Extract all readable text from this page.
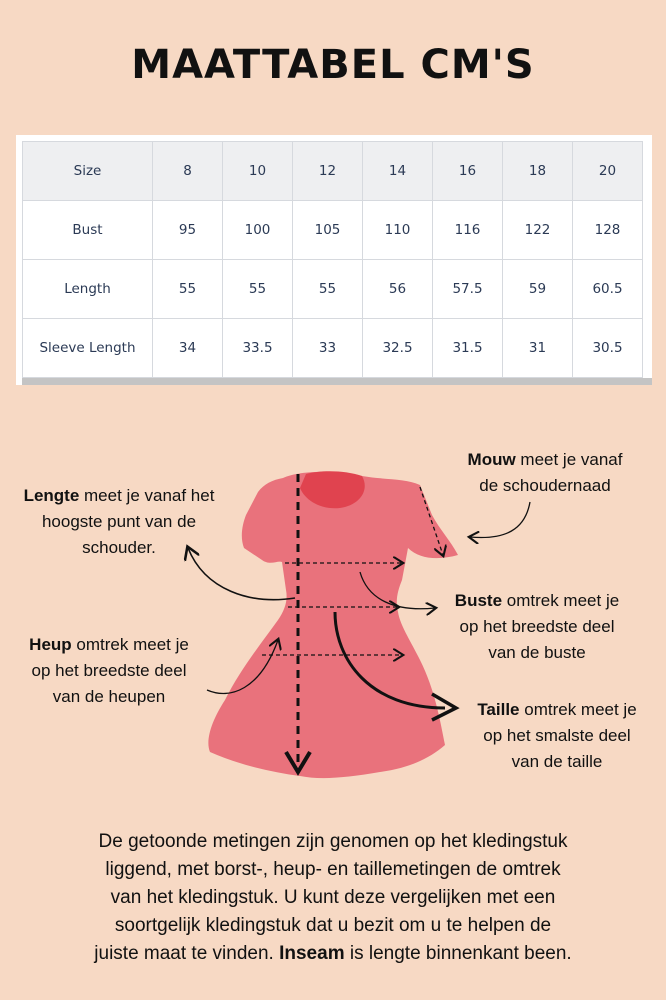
MAATTABEL CM'S
Size	8	10	12	14	16	18	20
Bust	95	100	105	110	116	122	128
Length	55	55	55	56	57.5	59	60.5
Sleeve Length	34	33.5	33	32.5	31.5	31	30.5
Mouw meet je vanaf
de schoudernaad
Lengte meet je vanaf het
hoogste punt van de
schouder.
Buste omtrek meet je
op het breedste deel
van de buste
Heup omtrek meet je
op het breedste deel
van de heupen
Taille omtrek meet je
op het smalste deel
van de taille
De getoonde metingen zijn genomen op het kledingstuk
liggend, met borst-, heup- en taillemetingen de omtrek
van het kledingstuk. U kunt deze vergelijken met een
soortgelijk kledingstuk dat u bezit om u te helpen de
juiste maat te vinden. Inseam is lengte binnenkant been.
